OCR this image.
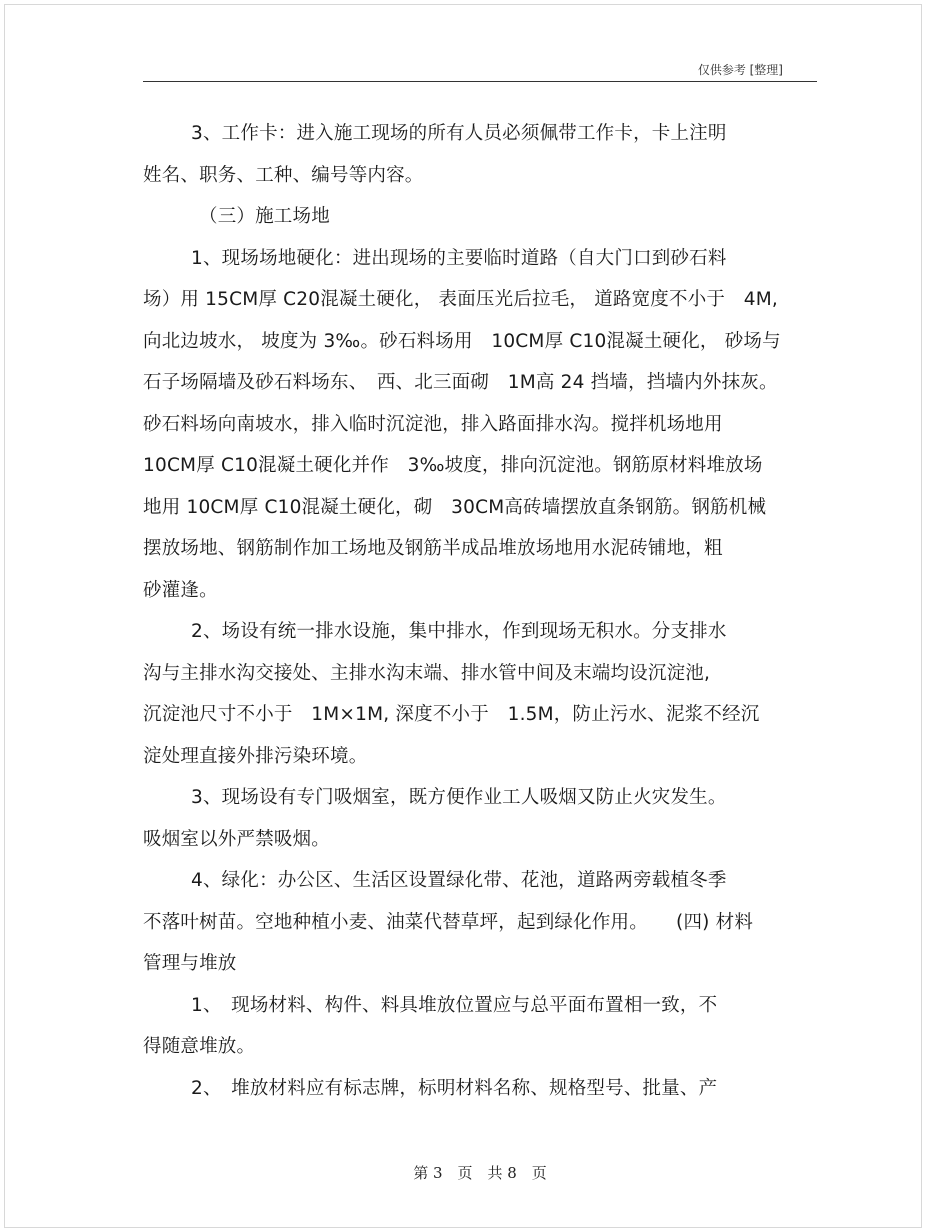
仅供参考 [整理]
3、工作卡：进入施工现场的所有人员必须佩带工作卡，卡上注明
姓名、职务、工种、编号等内容。
（三）施工场地
1、现场场地硬化：进出现场的主要临时道路（自大门口到砂石料
场）用 15CM厚 C20混凝土硬化， 表面压光后拉毛， 道路宽度不小于　4M,
向北边坡水， 坡度为 3‰。砂石料场用　10CM厚 C10混凝土硬化， 砂场与
石子场隔墙及砂石料场东、　西、北三面砌　1M高 24 挡墙，挡墙内外抹灰。
砂石料场向南坡水，排入临时沉淀池，排入路面排水沟。搅拌机场地用
10CM厚 C10混凝土硬化并作　3‰坡度，排向沉淀池。钢筋原材料堆放场
地用 10CM厚 C10混凝土硬化，砌　30CM高砖墙摆放直条钢筋。钢筋机械
摆放场地、钢筋制作加工场地及钢筋半成品堆放场地用水泥砖铺地，粗
砂灌逢。
2、场设有统一排水设施，集中排水，作到现场无积水。分支排水
沟与主排水沟交接处、主排水沟末端、排水管中间及末端均设沉淀池,
沉淀池尺寸不小于　1M×1M, 深度不小于　1.5M，防止污水、泥浆不经沉
淀处理直接外排污染环境。
3、现场设有专门吸烟室，既方便作业工人吸烟又防止火灾发生。
吸烟室以外严禁吸烟。
4、绿化：办公区、生活区设置绿化带、花池，道路两旁载植冬季
不落叶树苗。空地种植小麦、油菜代替草坪，起到绿化作用。　　(四) 材料
管理与堆放
1、　现场材料、构件、料具堆放位置应与总平面布置相一致，不
得随意堆放。
2、　堆放材料应有标志牌，标明材料名称、规格型号、批量、产
第 3　页　共 8　页
